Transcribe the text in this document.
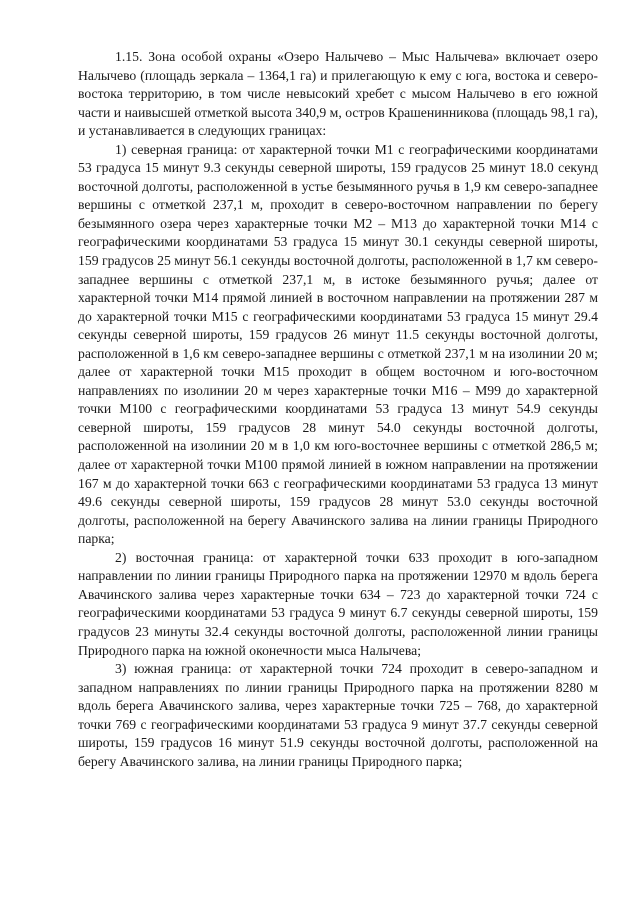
1.15. Зона особой охраны «Озеро Налычево – Мыс Налычева» включает озеро Налычево (площадь зеркала – 1364,1 га) и прилегающую к ему с юга, востока и северо-востока территорию, в том числе невысокий хребет с мысом Налычево в его южной части и наивысшей отметкой высота 340,9 м, остров Крашенинникова (площадь 98,1 га), и устанавливается в следующих границах:

1) северная граница: от характерной точки М1 с географическими координатами 53 градуса 15 минут 9.3 секунды северной широты, 159 градусов 25 минут 18.0 секунд восточной долготы, расположенной в устье безымянного ручья в 1,9 км северо-западнее вершины с отметкой 237,1 м, проходит в северо-восточном направлении по берегу безымянного озера через характерные точки М2 – М13 до характерной точки М14 с географическими координатами 53 градуса 15 минут 30.1 секунды северной широты, 159 градусов 25 минут 56.1 секунды восточной долготы, расположенной в 1,7 км северо-западнее вершины с отметкой 237,1 м, в истоке безымянного ручья; далее от характерной точки М14 прямой линией в восточном направлении на протяжении 287 м до характерной точки М15 с географическими координатами 53 градуса 15 минут 29.4 секунды северной широты, 159 градусов 26 минут 11.5 секунды восточной долготы, расположенной в 1,6 км северо-западнее вершины с отметкой 237,1 м на изолинии 20 м; далее от характерной точки М15 проходит в общем восточном и юго-восточном направлениях по изолинии 20 м через характерные точки М16 – М99 до характерной точки М100 с географическими координатами 53 градуса 13 минут 54.9 секунды северной широты, 159 градусов 28 минут 54.0 секунды восточной долготы, расположенной на изолинии 20 м в 1,0 км юго-восточнее вершины с отметкой 286,5 м; далее от характерной точки М100 прямой линией в южном направлении на протяжении 167 м до характерной точки 663 с географическими координатами 53 градуса 13 минут 49.6 секунды северной широты, 159 градусов 28 минут 53.0 секунды восточной долготы, расположенной на берегу Авачинского залива на линии границы Природного парка;

2) восточная граница: от характерной точки 633 проходит в юго-западном направлении по линии границы Природного парка на протяжении 12970 м вдоль берега Авачинского залива через характерные точки 634 – 723 до характерной точки 724 с географическими координатами 53 градуса 9 минут 6.7 секунды северной широты, 159 градусов 23 минуты 32.4 секунды восточной долготы, расположенной линии границы Природного парка на южной оконечности мыса Налычева;

3) южная граница: от характерной точки 724 проходит в северо-западном и западном направлениях по линии границы Природного парка на протяжении 8280 м вдоль берега Авачинского залива, через характерные точки 725 – 768, до характерной точки 769 с географическими координатами 53 градуса 9 минут 37.7 секунды северной широты, 159 градусов 16 минут 51.9 секунды восточной долготы, расположенной на берегу Авачинского залива, на линии границы Природного парка;
